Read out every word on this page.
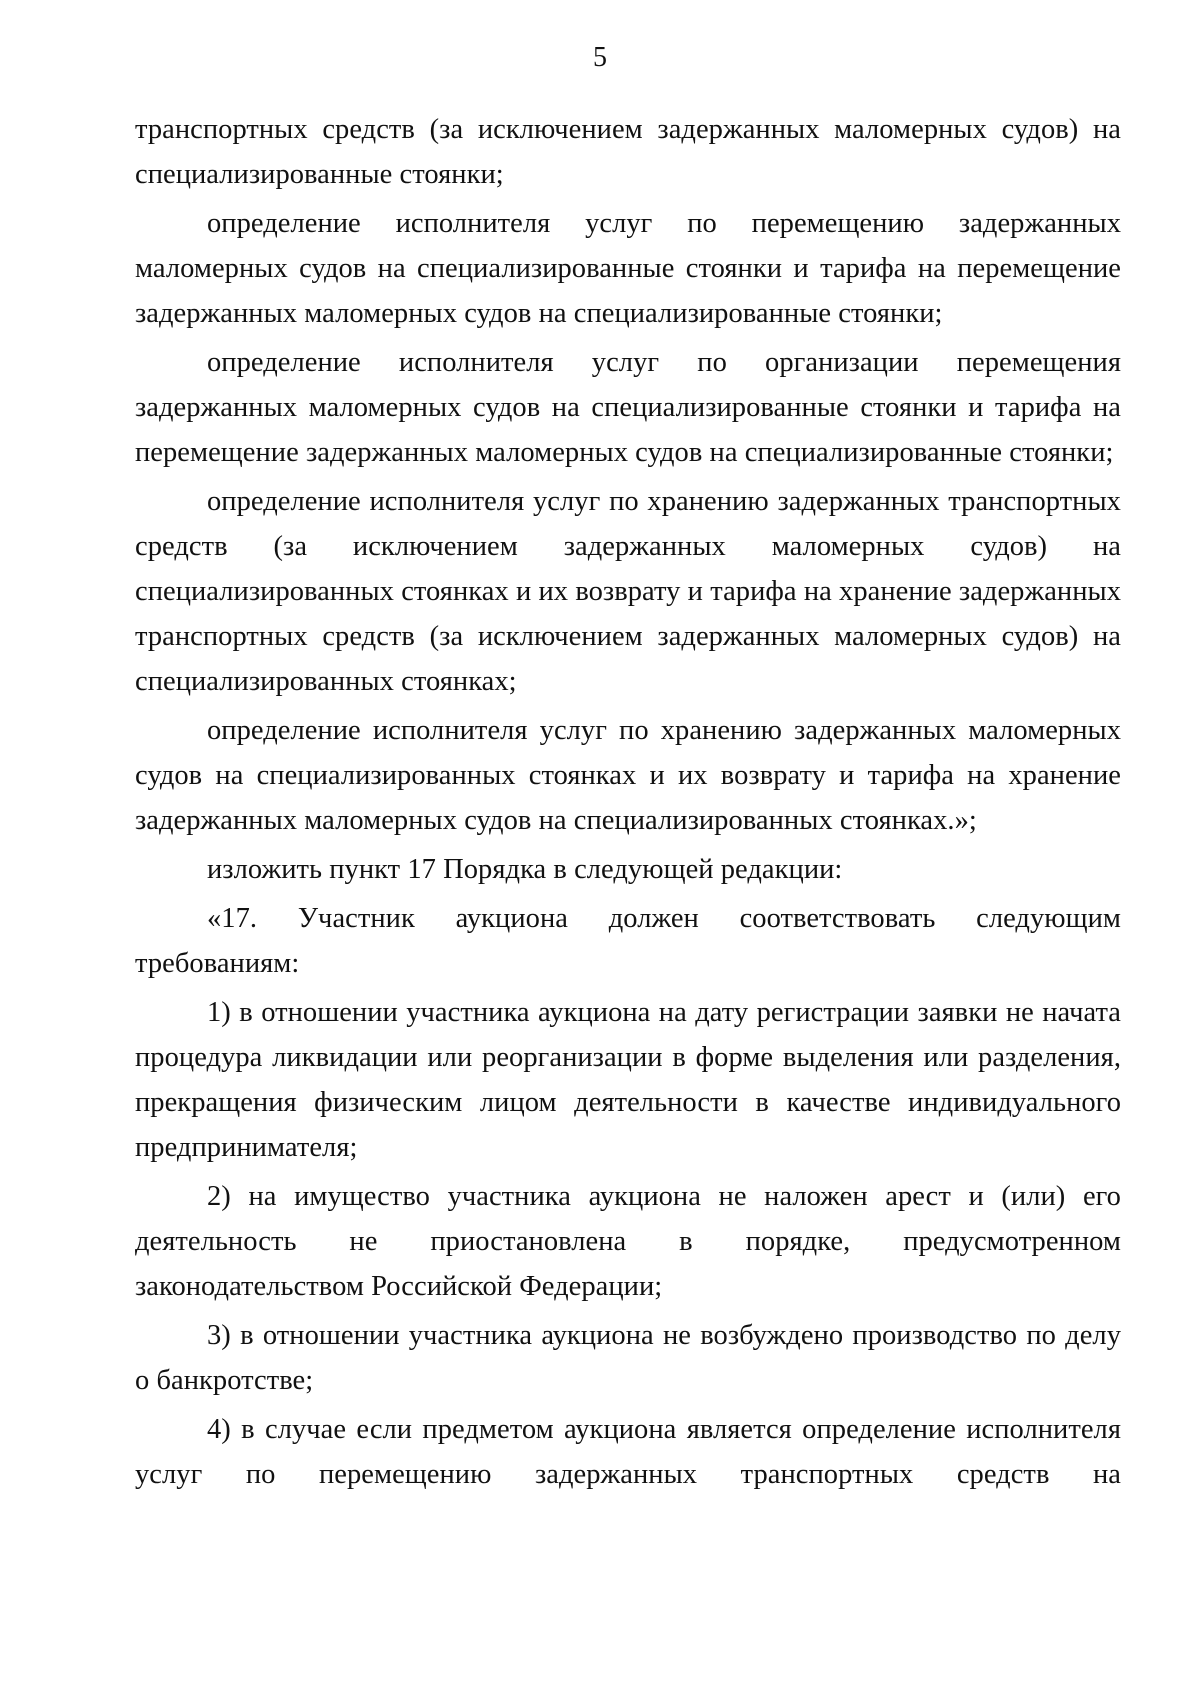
5

транспортных средств (за исключением задержанных маломерных судов) на специализированные стоянки;

определение исполнителя услуг по перемещению задержанных маломерных судов на специализированные стоянки и тарифа на перемещение задержанных маломерных судов на специализированные стоянки;

определение исполнителя услуг по организации перемещения задержанных маломерных судов на специализированные стоянки и тарифа на перемещение задержанных маломерных судов на специализированные стоянки;

определение исполнителя услуг по хранению задержанных транспортных средств (за исключением задержанных маломерных судов) на специализированных стоянках и их возврату и тарифа на хранение задержанных транспортных средств (за исключением задержанных маломерных судов) на специализированных стоянках;

определение исполнителя услуг по хранению задержанных маломерных судов на специализированных стоянках и их возврату и тарифа на хранение задержанных маломерных судов на специализированных стоянках.»;

изложить пункт 17 Порядка в следующей редакции:

«17. Участник аукциона должен соответствовать следующим требованиям:

1) в отношении участника аукциона на дату регистрации заявки не начата процедура ликвидации или реорганизации в форме выделения или разделения, прекращения физическим лицом деятельности в качестве индивидуального предпринимателя;

2) на имущество участника аукциона не наложен арест и (или) его деятельность не приостановлена в порядке, предусмотренном законодательством Российской Федерации;

3) в отношении участника аукциона не возбуждено производство по делу о банкротстве;

4) в случае если предметом аукциона является определение исполнителя услуг по перемещению задержанных транспортных средств на
